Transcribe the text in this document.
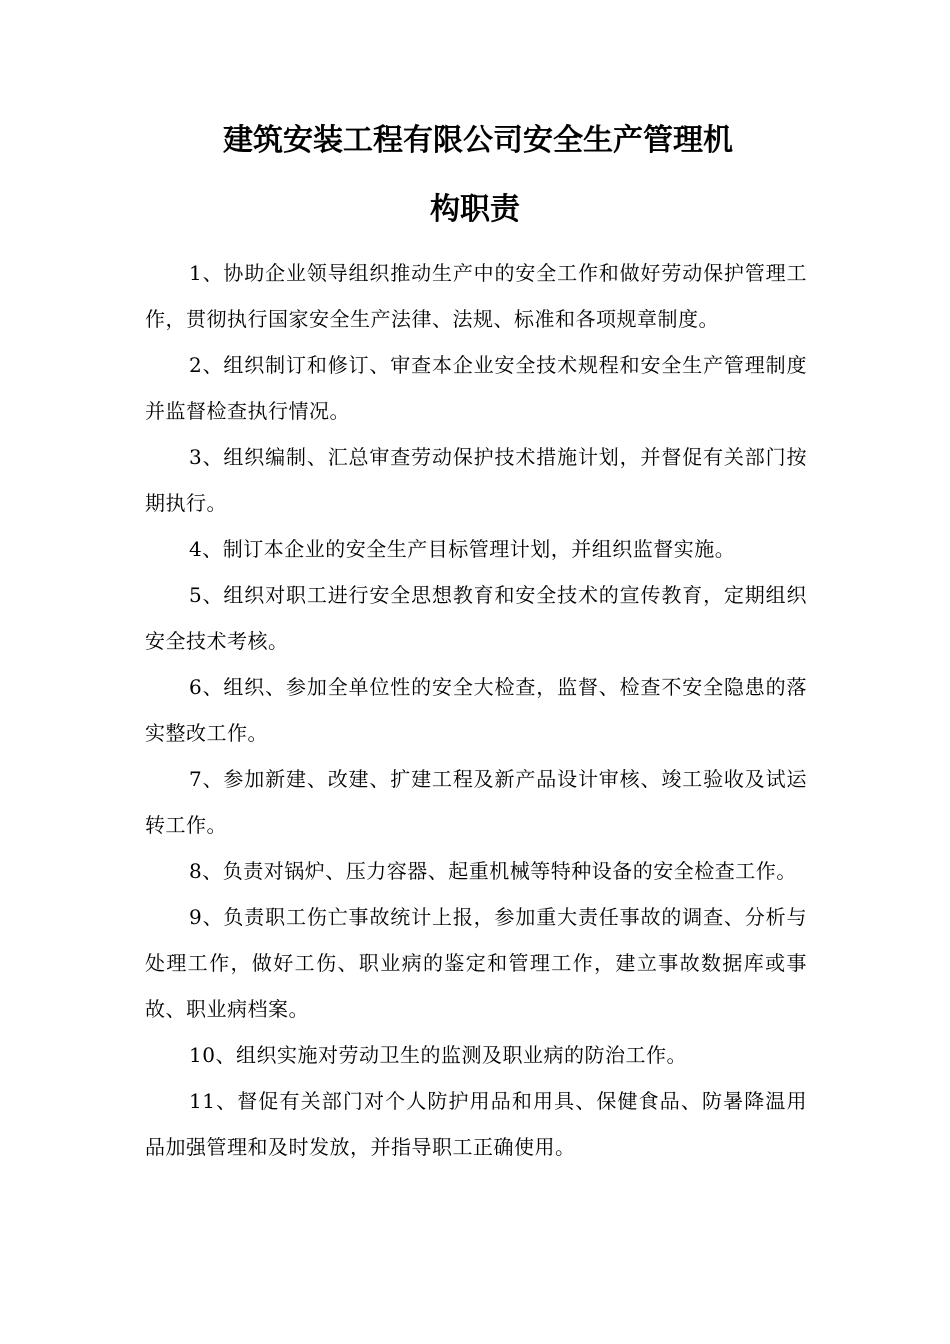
建筑安装工程有限公司安全生产管理机
构职责

1、协助企业领导组织推动生产中的安全工作和做好劳动保护管理工作，贯彻执行国家安全生产法律、法规、标准和各项规章制度。

2、组织制订和修订、审查本企业安全技术规程和安全生产管理制度并监督检查执行情况。

3、组织编制、汇总审查劳动保护技术措施计划，并督促有关部门按期执行。

4、制订本企业的安全生产目标管理计划，并组织监督实施。

5、组织对职工进行安全思想教育和安全技术的宣传教育，定期组织安全技术考核。

6、组织、参加全单位性的安全大检查，监督、检查不安全隐患的落实整改工作。

7、参加新建、改建、扩建工程及新产品设计审核、竣工验收及试运转工作。

8、负责对锅炉、压力容器、起重机械等特种设备的安全检查工作。

9、负责职工伤亡事故统计上报，参加重大责任事故的调查、分析与处理工作，做好工伤、职业病的鉴定和管理工作，建立事故数据库或事故、职业病档案。

10、组织实施对劳动卫生的监测及职业病的防治工作。

11、督促有关部门对个人防护用品和用具、保健食品、防暑降温用品加强管理和及时发放，并指导职工正确使用。
